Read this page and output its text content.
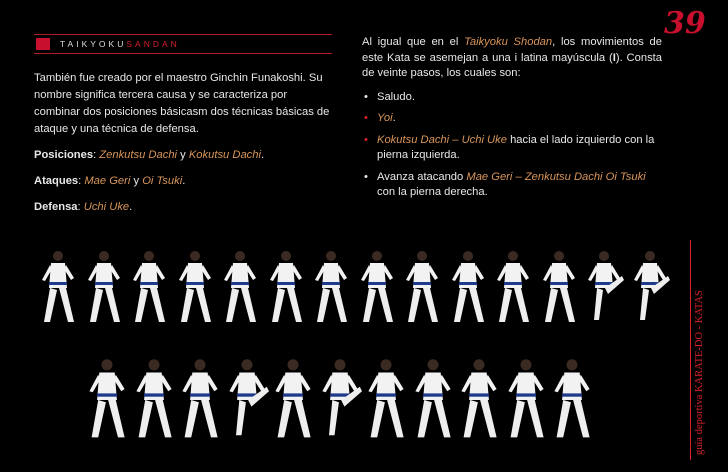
TAIKYOKUSANDAN
39

También fue creado por el maestro Ginchin Funakoshi. Su nombre significa tercera causa y se caracteriza por combinar dos posiciones básicasm dos técnicas básicas de ataque y una técnica de defensa.

Posiciones: Zenkutsu Dachi y Kokutsu Dachi.

Ataques: Mae Geri y Oi Tsuki.

Defensa: Uchi Uke.

Al igual que en el Taikyoku Shodan, los movimientos de este Kata se asemejan a una i latina mayúscula (I). Consta de veinte pasos, los cuales son:

• Saludo.
• Yoi.
• Kokutsu Dachi – Uchi Uke hacia el lado izquierdo con la pierna izquierda.
• Avanza atacando Mae Geri – Zenkutsu Dachi Oi Tsuki con la pierna derecha.
guía deportiva KARATE-DO - KATAS
